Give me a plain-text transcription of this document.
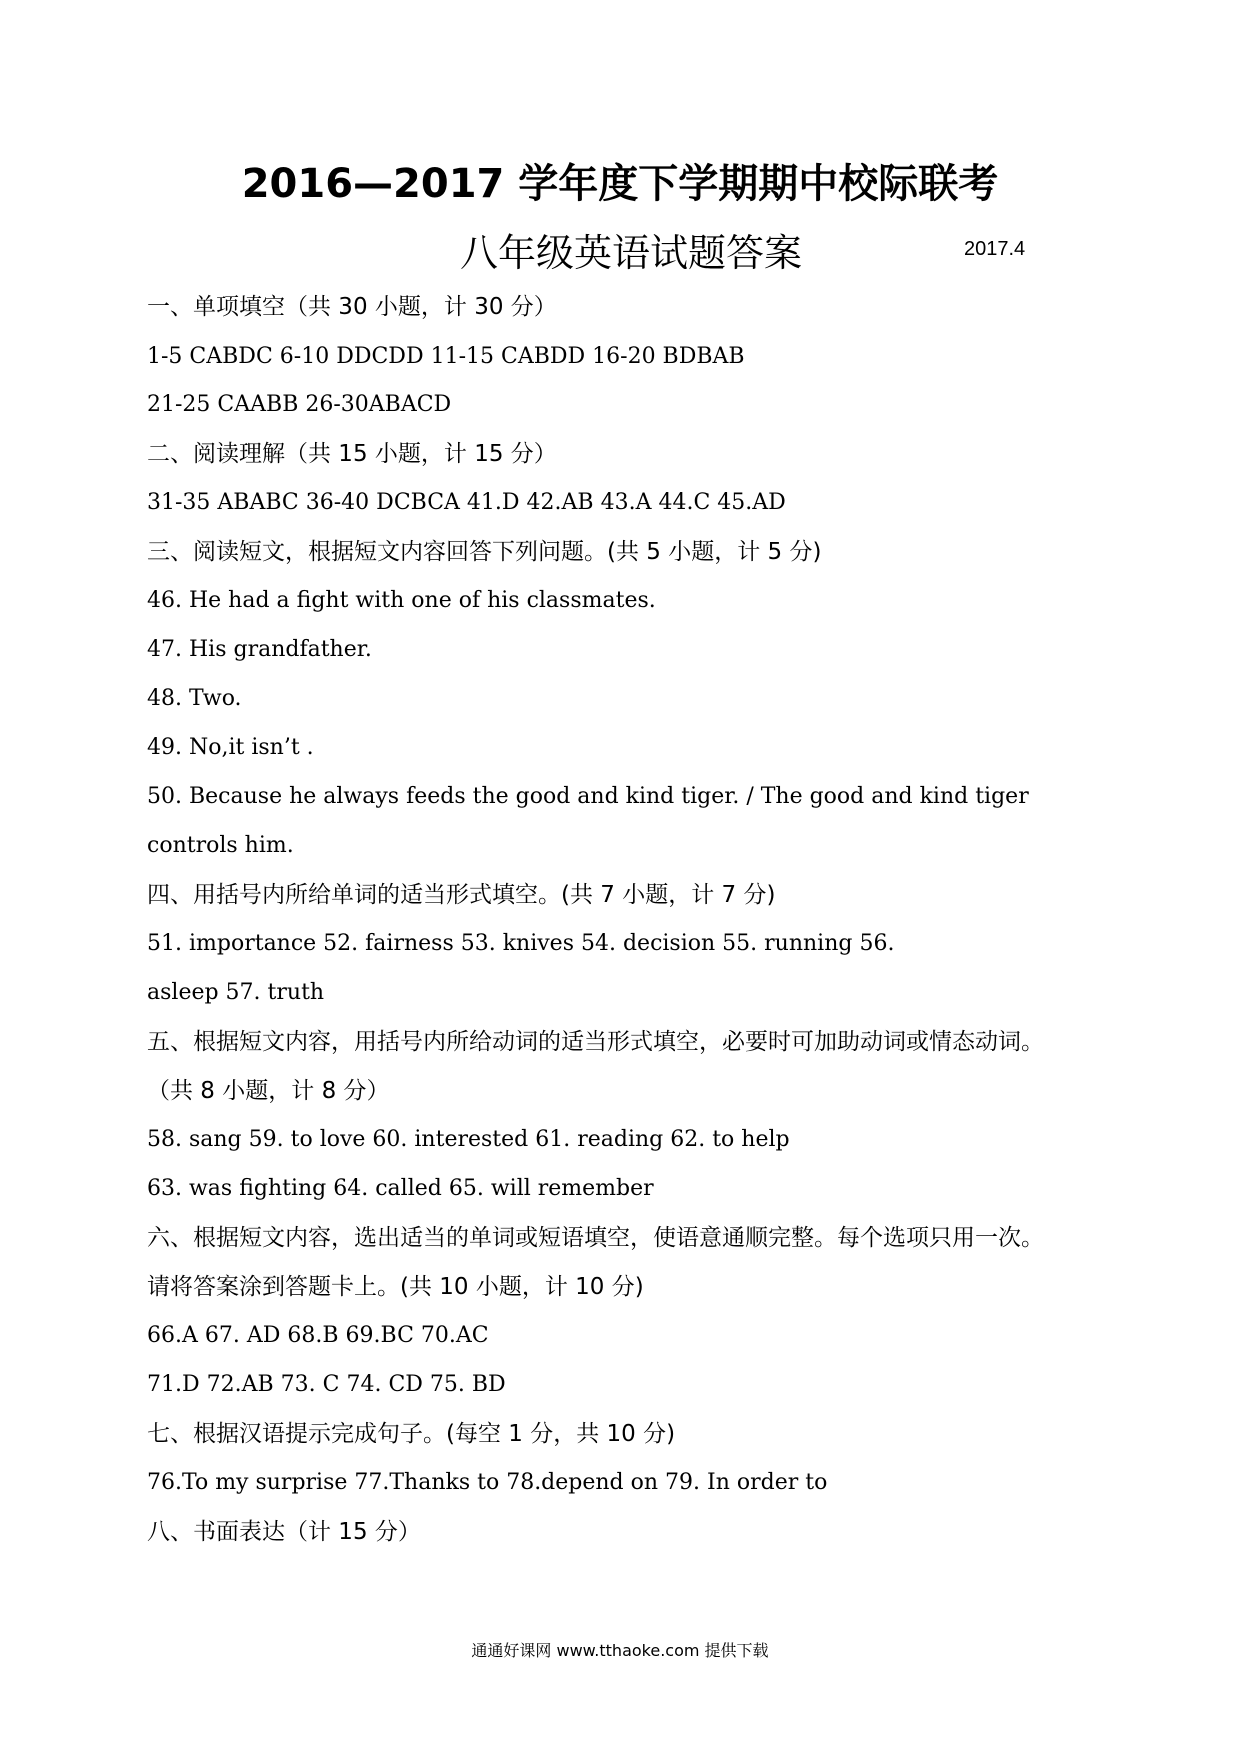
2016—2017 学年度下学期期中校际联考
八年级英语试题答案	2017.4
一、单项填空（共 30 小题，计 30 分）
1-5 CABDC 6-10 DDCDD 11-15 CABDD 16-20 BDBAB
21-25 CAABB 26-30ABACD
二、阅读理解（共 15 小题，计 15 分）
31-35 ABABC 36-40 DCBCA 41.D 42.AB 43.A 44.C 45.AD
三、阅读短文，根据短文内容回答下列问题。(共 5 小题，计 5 分)
46. He had a fight with one of his classmates.
47. His grandfather.
48. Two.
49. No,it isn’t .
50. Because he always feeds the good and kind tiger. / The good and kind tiger
controls him.
四、用括号内所给单词的适当形式填空。(共 7 小题，计 7 分)
51. importance 52. fairness 53. knives 54. decision 55. running 56.
asleep 57. truth
五、根据短文内容，用括号内所给动词的适当形式填空，必要时可加助动词或情态动词。
（共 8 小题，计 8 分）
58. sang 59. to love 60. interested 61. reading 62. to help
63. was fighting 64. called 65. will remember
六、根据短文内容，选出适当的单词或短语填空，使语意通顺完整。每个选项只用一次。
请将答案涂到答题卡上。(共 10 小题，计 10 分)
66.A 67. AD 68.B 69.BC 70.AC
71.D 72.AB 73. C 74. CD 75. BD
七、根据汉语提示完成句子。(每空 1 分，共 10 分)
76.To my surprise 77.Thanks to 78.depend on 79. In order to
八、书面表达（计 15 分）
通通好课网 www.tthaoke.com 提供下载
